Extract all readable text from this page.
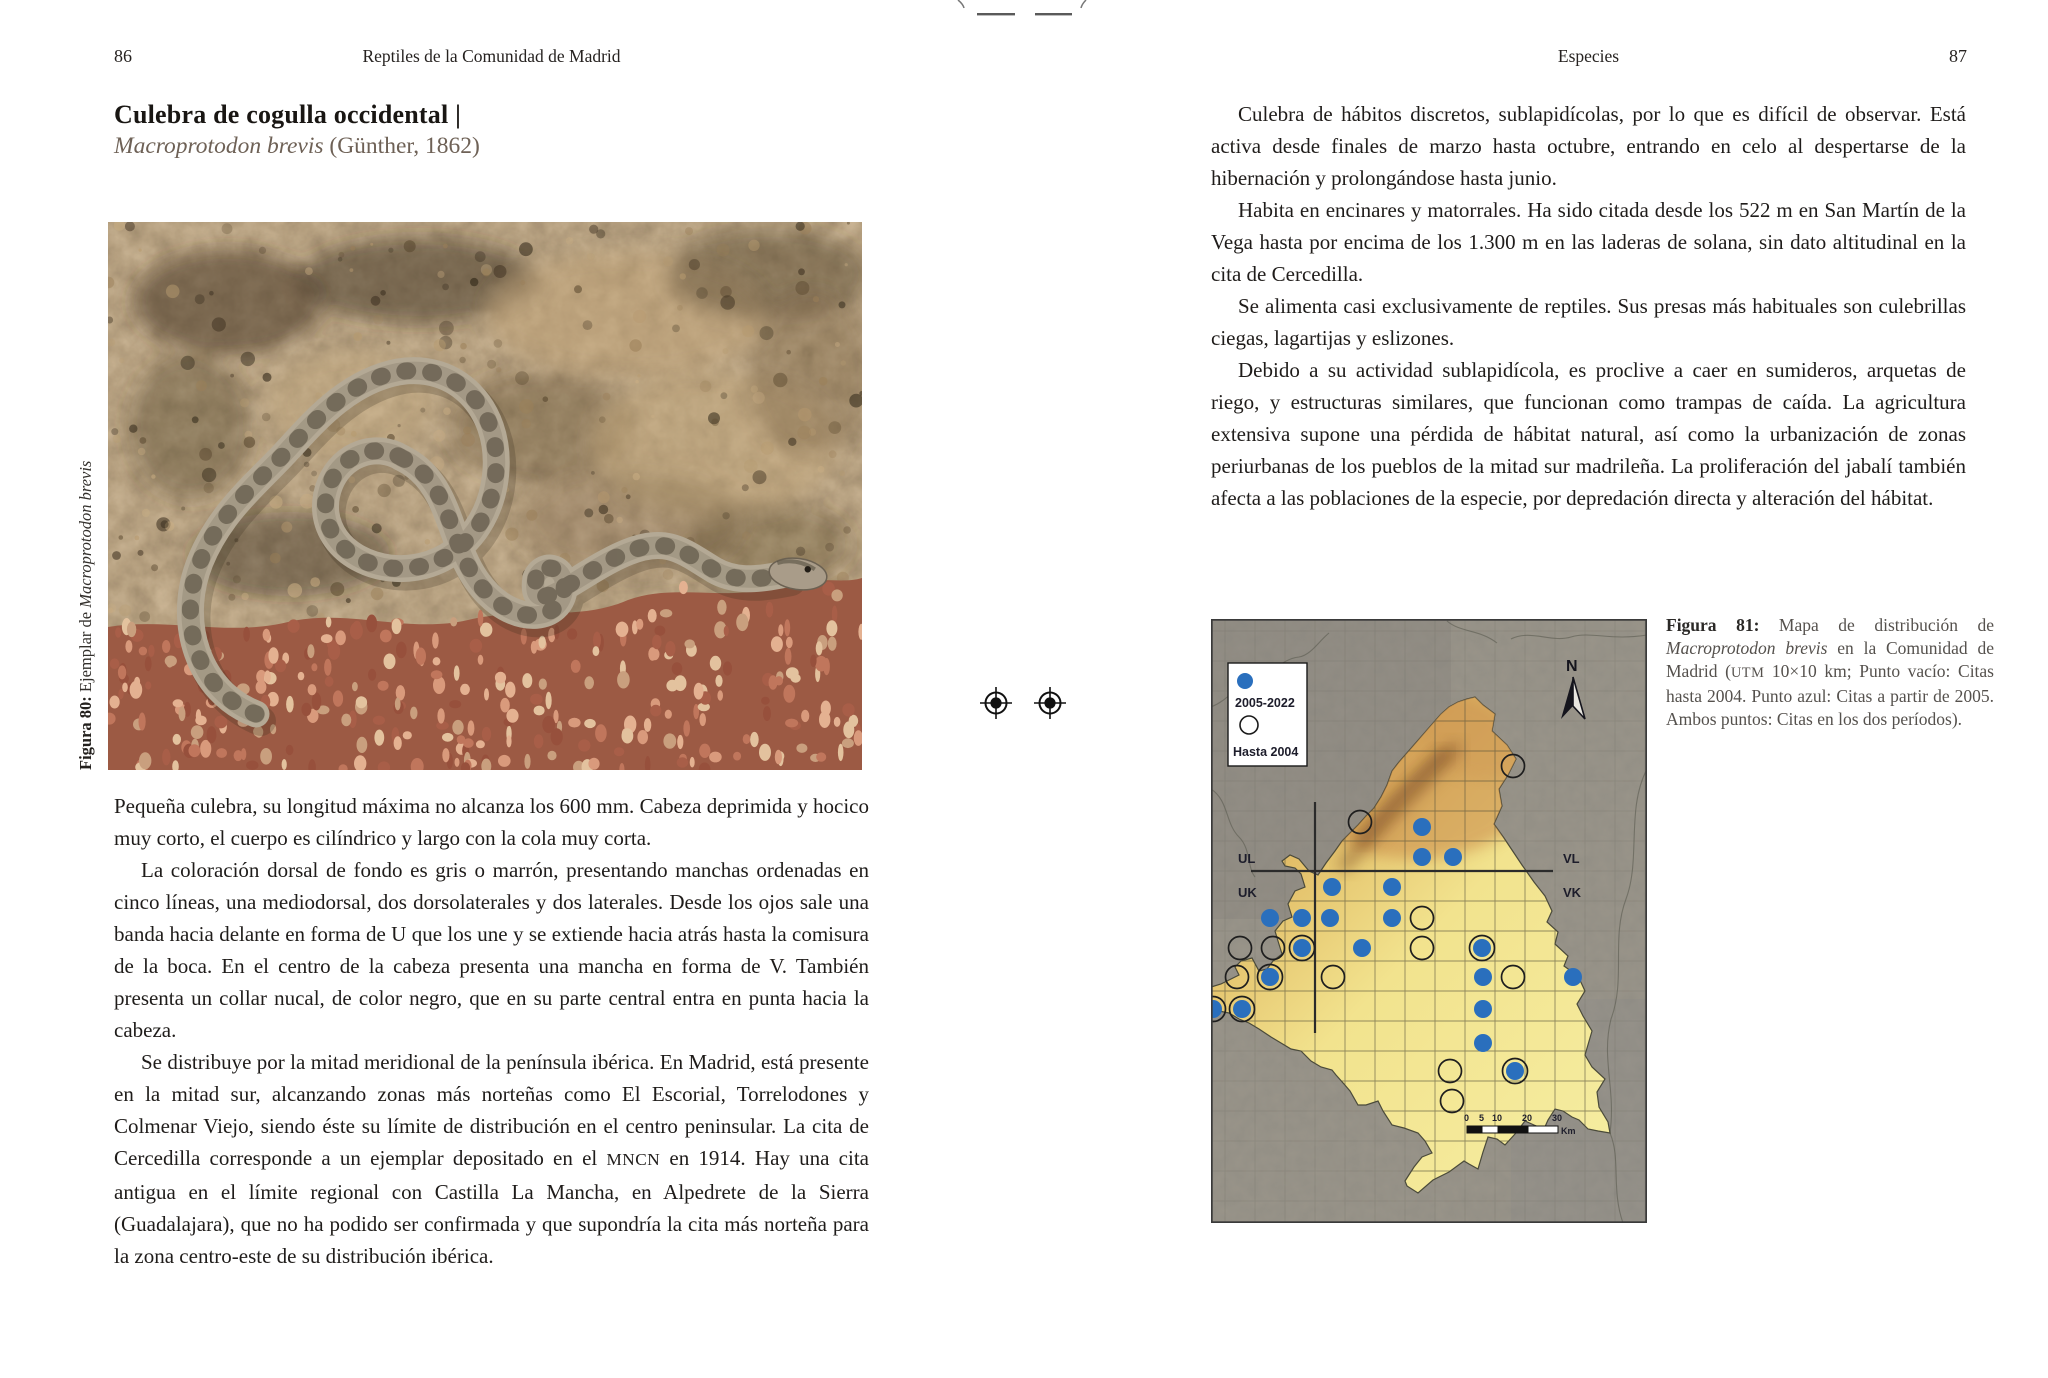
86	Reptiles de la Comunidad de Madrid
Culebra de cogulla occidental |
Macroprotodon brevis (Günther, 1862)
Figura 80: Ejemplar de Macroprotodon brevis

Pequeña culebra, su longitud máxima no alcanza los 600 mm. Cabeza deprimida y hocico muy corto, el cuerpo es cilíndrico y largo con la cola muy corta.

La coloración dorsal de fondo es gris o marrón, presentando manchas ordenadas en cinco líneas, una mediodorsal, dos dorsolaterales y dos laterales. Desde los ojos sale una banda hacia delante en forma de U que los une y se extiende hacia atrás hasta la comisura de la boca. En el centro de la cabeza presenta una mancha en forma de V. También presenta un collar nucal, de color negro, que en su parte central entra en punta hacia la cabeza.

Se distribuye por la mitad meridional de la península ibérica. En Madrid, está presente en la mitad sur, alcanzando zonas más norteñas como El Escorial, Torrelodones y Colmenar Viejo, siendo éste su límite de distribución en el centro peninsular. La cita de Cercedilla corresponde a un ejemplar depositado en el MNCN en 1914. Hay una cita antigua en el límite regional con Castilla La Mancha, en Alpedrete de la Sierra (Guadalajara), que no ha podido ser confirmada y que supondría la cita más norteña para la zona centro-este de su distribución ibérica.

Especies	87

Culebra de hábitos discretos, sublapidícolas, por lo que es difícil de observar. Está activa desde finales de marzo hasta octubre, entrando en celo al despertarse de la hibernación y prolongándose hasta junio.

Habita en encinares y matorrales. Ha sido citada desde los 522 m en San Martín de la Vega hasta por encima de los 1.300 m en las laderas de solana, sin dato altitudinal en la cita de Cercedilla.

Se alimenta casi exclusivamente de reptiles. Sus presas más habituales son culebrillas ciegas, lagartijas y eslizones.

Debido a su actividad sublapidícola, es proclive a caer en sumideros, arquetas de riego, y estructuras similares, que funcionan como trampas de caída. La agricultura extensiva supone una pérdida de hábitat natural, así como la urbanización de zonas periurbanas de los pueblos de la mitad sur madrileña. La proliferación del jabalí también afecta a las poblaciones de la especie, por depredación directa y alteración del hábitat.

UL	VL
UK	VK
2005-2022
Hasta 2004
N
0 5 10 20 30
Km
Figura 81: Mapa de distribución de Macroprotodon brevis en la Comunidad de Madrid (UTM 10×10 km; Punto vacío: Citas hasta 2004. Punto azul: Citas a partir de 2005. Ambos puntos: Citas en los dos períodos).
